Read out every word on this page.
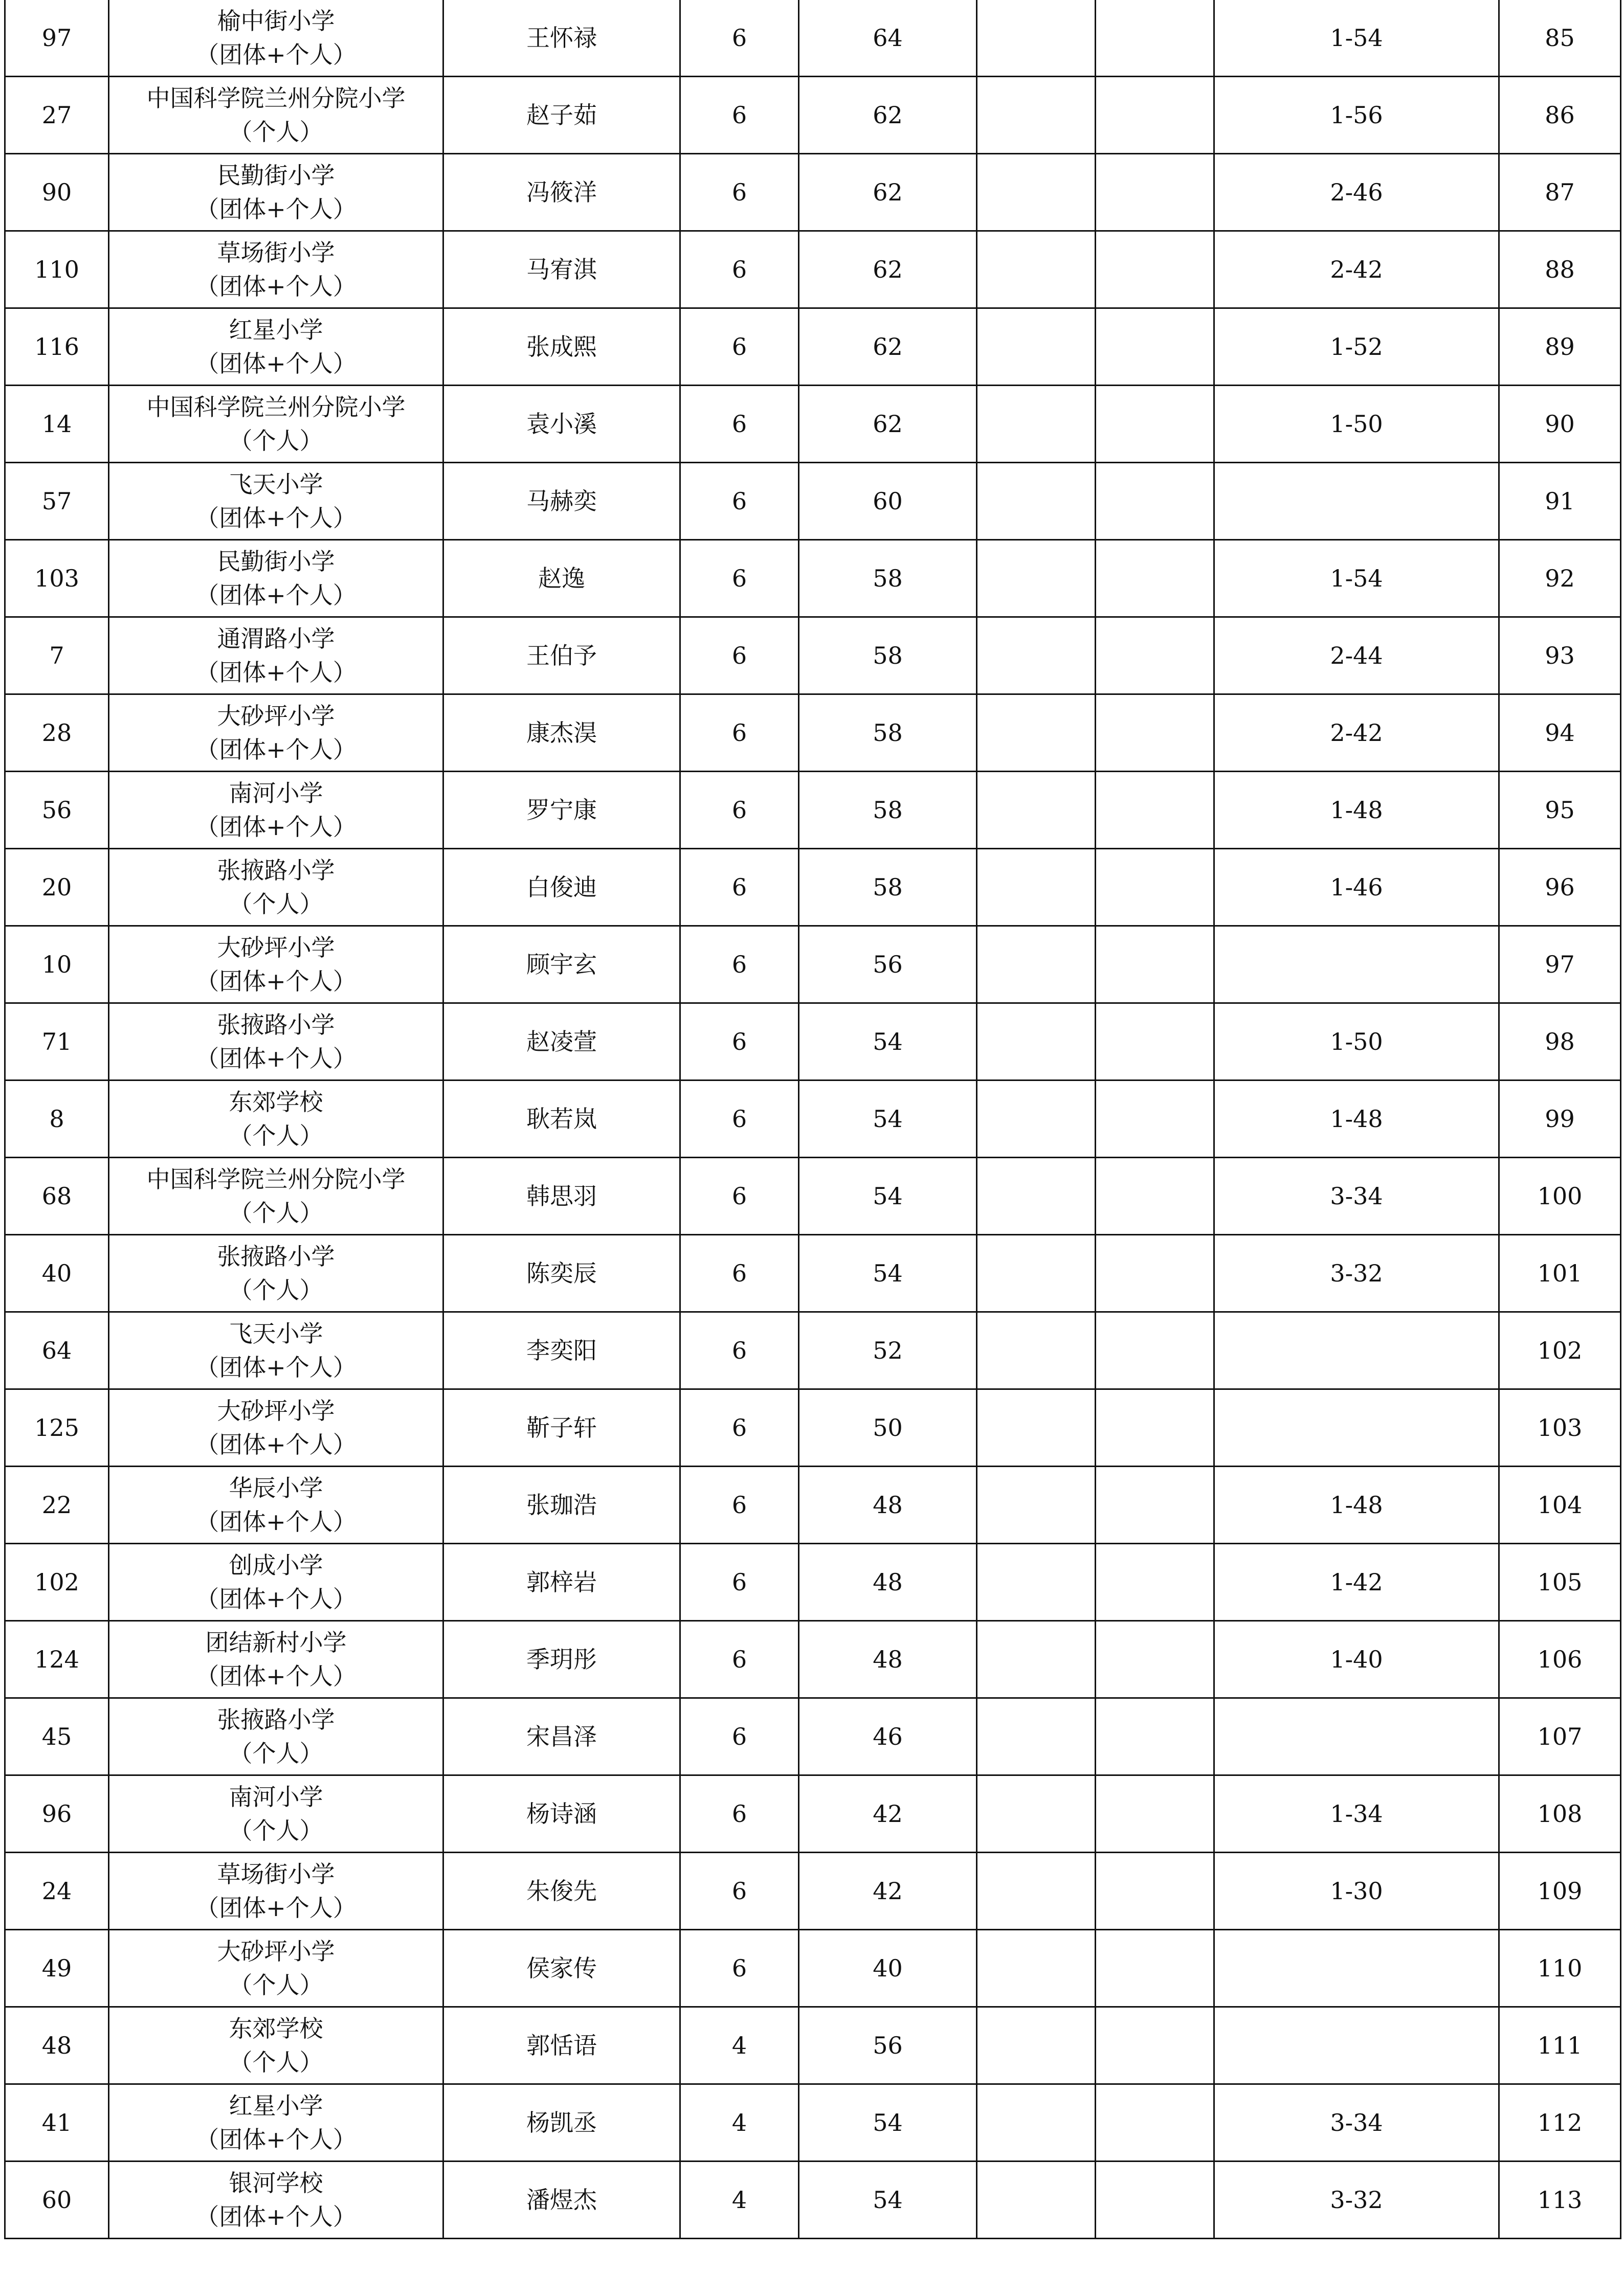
97	榆中街小学
（团体+个人）	王怀禄	6	64			1-54	85
27	中国科学院兰州分院小学
（个人）	赵子茹	6	62			1-56	86
90	民勤街小学
（团体+个人）	冯筱洋	6	62			2-46	87
110	草场街小学
（团体+个人）	马宥淇	6	62			2-42	88
116	红星小学
（团体+个人）	张成熙	6	62			1-52	89
14	中国科学院兰州分院小学
（个人）	袁小溪	6	62			1-50	90
57	飞天小学
（团体+个人）	马赫奕	6	60				91
103	民勤街小学
（团体+个人）	赵逸	6	58			1-54	92
7	通渭路小学
（团体+个人）	王伯予	6	58			2-44	93
28	大砂坪小学
（团体+个人）	康杰淏	6	58			2-42	94
56	南河小学
（团体+个人）	罗宁康	6	58			1-48	95
20	张掖路小学
（个人）	白俊迪	6	58			1-46	96
10	大砂坪小学
（团体+个人）	顾宇玄	6	56				97
71	张掖路小学
（团体+个人）	赵凌萱	6	54			1-50	98
8	东郊学校
（个人）	耿若岚	6	54			1-48	99
68	中国科学院兰州分院小学
（个人）	韩思羽	6	54			3-34	100
40	张掖路小学
（个人）	陈奕辰	6	54			3-32	101
64	飞天小学
（团体+个人）	李奕阳	6	52				102
125	大砂坪小学
（团体+个人）	靳子轩	6	50				103
22	华辰小学
（团体+个人）	张珈浩	6	48			1-48	104
102	创成小学
（团体+个人）	郭梓岩	6	48			1-42	105
124	团结新村小学
（团体+个人）	季玥彤	6	48			1-40	106
45	张掖路小学
（个人）	宋昌泽	6	46				107
96	南河小学
（个人）	杨诗涵	6	42			1-34	108
24	草场街小学
（团体+个人）	朱俊先	6	42			1-30	109
49	大砂坪小学
（个人）	侯家传	6	40				110
48	东郊学校
（个人）	郭恬语	4	56				111
41	红星小学
（团体+个人）	杨凯丞	4	54			3-34	112
60	银河学校
（团体+个人）	潘煜杰	4	54			3-32	113
